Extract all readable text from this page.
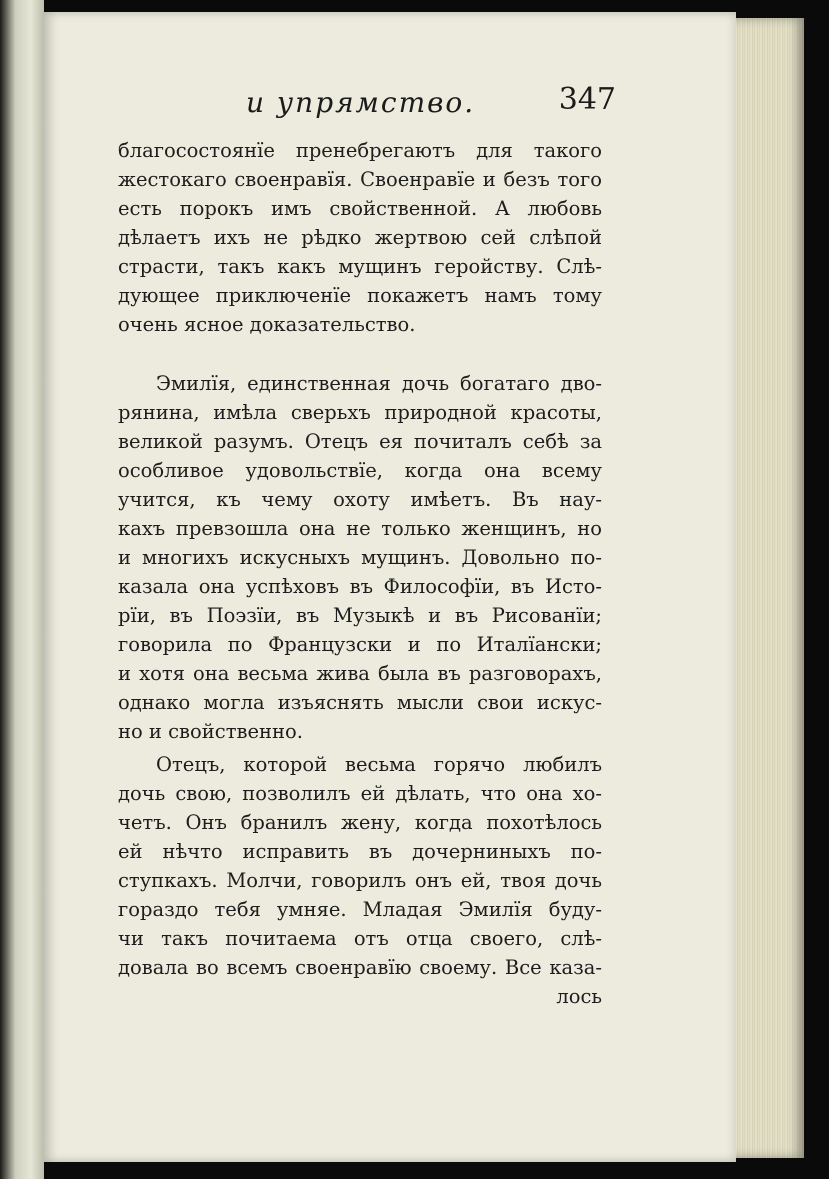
и упрямство.	347
благосостоянїе пренебрегаютъ для такого
жестокаго своенравїя. Своенравїе и безъ того
есть порокъ имъ свойственной. А любовь
дѣлаетъ ихъ не рѣдко жертвою сей слѣпой
страсти, такъ какъ мущинъ геройству. Слѣ-
дующее приключенїе покажетъ намъ тому
очень ясное доказательство.
Эмилїя, единственная дочь богатаго дво-
рянина, имѣла сверьхъ природной красоты,
великой разумъ. Отецъ ея почиталъ себѣ за
особливое удовольствїе, когда она всему
учится, къ чему охоту имѣетъ. Въ нау-
кахъ превзошла она не только женщинъ, но
и многихъ искусныхъ мущинъ. Довольно по-
казала она успѣховъ въ Философїи, въ Исто-
рїи, въ Поэзїи, въ Музыкѣ и въ Рисованїи;
говорила по Французски и по Италїански;
и хотя она весьма жива была въ разговорахъ,
однако могла изъяснять мысли свои искус-
но и свойственно.
Отецъ, которой весьма горячо любилъ
дочь свою, позволилъ ей дѣлать, что она хо-
четъ. Онъ бранилъ жену, когда похотѣлось
ей нѣчто исправить въ дочерниныхъ по-
ступкахъ. Молчи, говорилъ онъ ей, твоя дочь
гораздо тебя умняе. Младая Эмилїя буду-
чи такъ почитаема отъ отца своего, слѣ-
довала во всемъ своенравїю своему. Все каза-
лось
